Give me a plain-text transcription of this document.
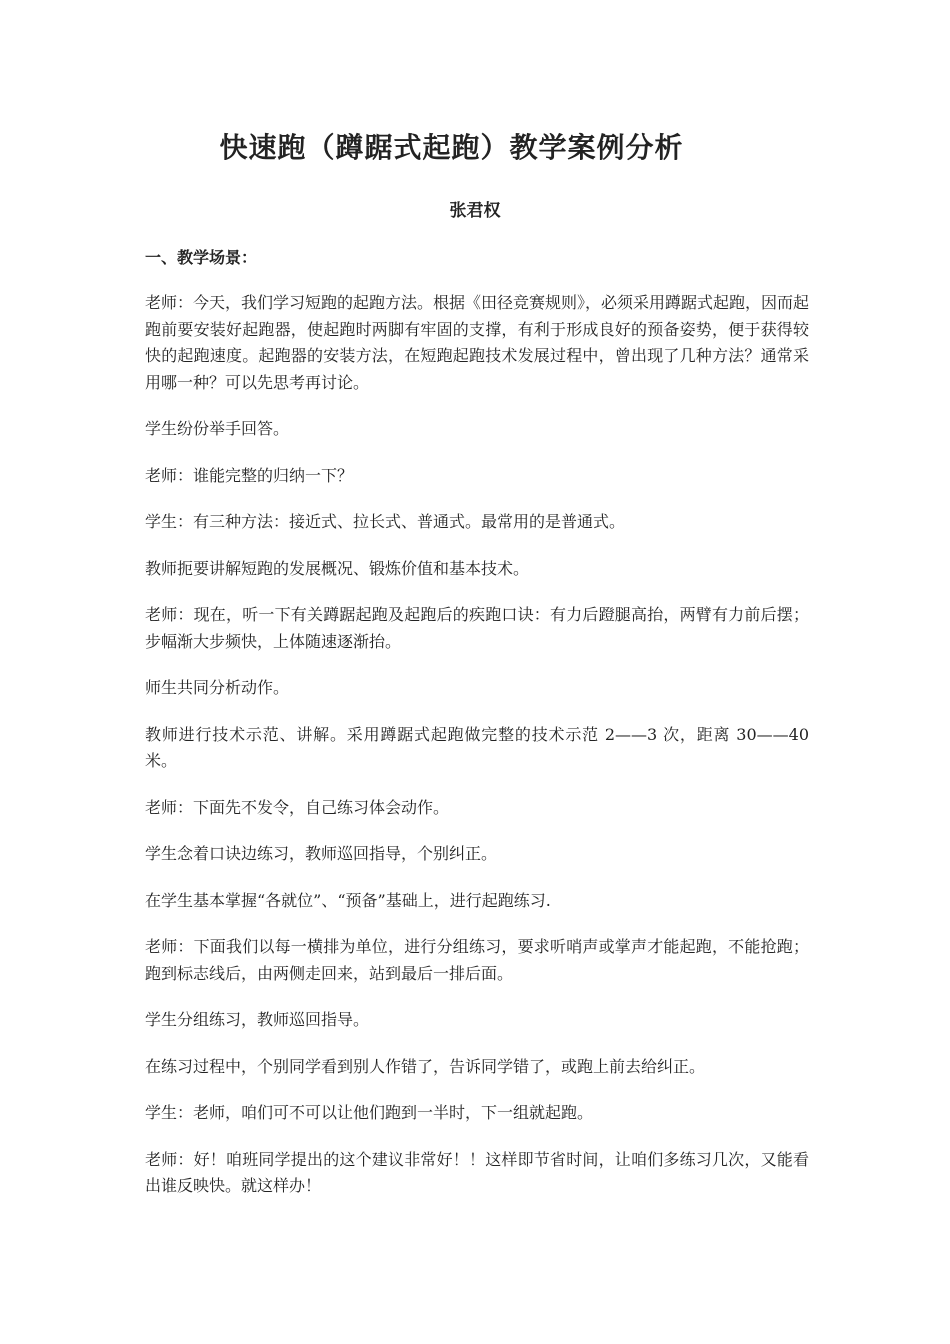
快速跑（蹲踞式起跑）教学案例分析
张君权
一、教学场景：

老师：今天，我们学习短跑的起跑方法。根据《田径竞赛规则》，必须采用蹲踞式起跑，因而起跑前要安装好起跑器，使起跑时两脚有牢固的支撑，有利于形成良好的预备姿势，便于获得较快的起跑速度。起跑器的安装方法，在短跑起跑技术发展过程中，曾出现了几种方法？通常采用哪一种？可以先思考再讨论。

学生纷份举手回答。

老师：谁能完整的归纳一下？

学生：有三种方法：接近式、拉长式、普通式。最常用的是普通式。

教师扼要讲解短跑的发展概况、锻炼价值和基本技术。

老师：现在，听一下有关蹲踞起跑及起跑后的疾跑口诀：有力后蹬腿高抬，两臂有力前后摆；步幅渐大步频快，上体随速逐渐抬。

师生共同分析动作。

教师进行技术示范、讲解。采用蹲踞式起跑做完整的技术示范 2——3 次，距离 30——40 米。

老师：下面先不发令，自己练习体会动作。

学生念着口诀边练习，教师巡回指导，个别纠正。

在学生基本掌握“各就位”、“预备”基础上，进行起跑练习.

老师：下面我们以每一横排为单位，进行分组练习，要求听哨声或掌声才能起跑，不能抢跑；跑到标志线后，由两侧走回来，站到最后一排后面。

学生分组练习，教师巡回指导。

在练习过程中，个别同学看到别人作错了，告诉同学错了，或跑上前去给纠正。

学生：老师，咱们可不可以让他们跑到一半时，下一组就起跑。

老师：好！咱班同学提出的这个建议非常好！！这样即节省时间，让咱们多练习几次，又能看出谁反映快。就这样办！
